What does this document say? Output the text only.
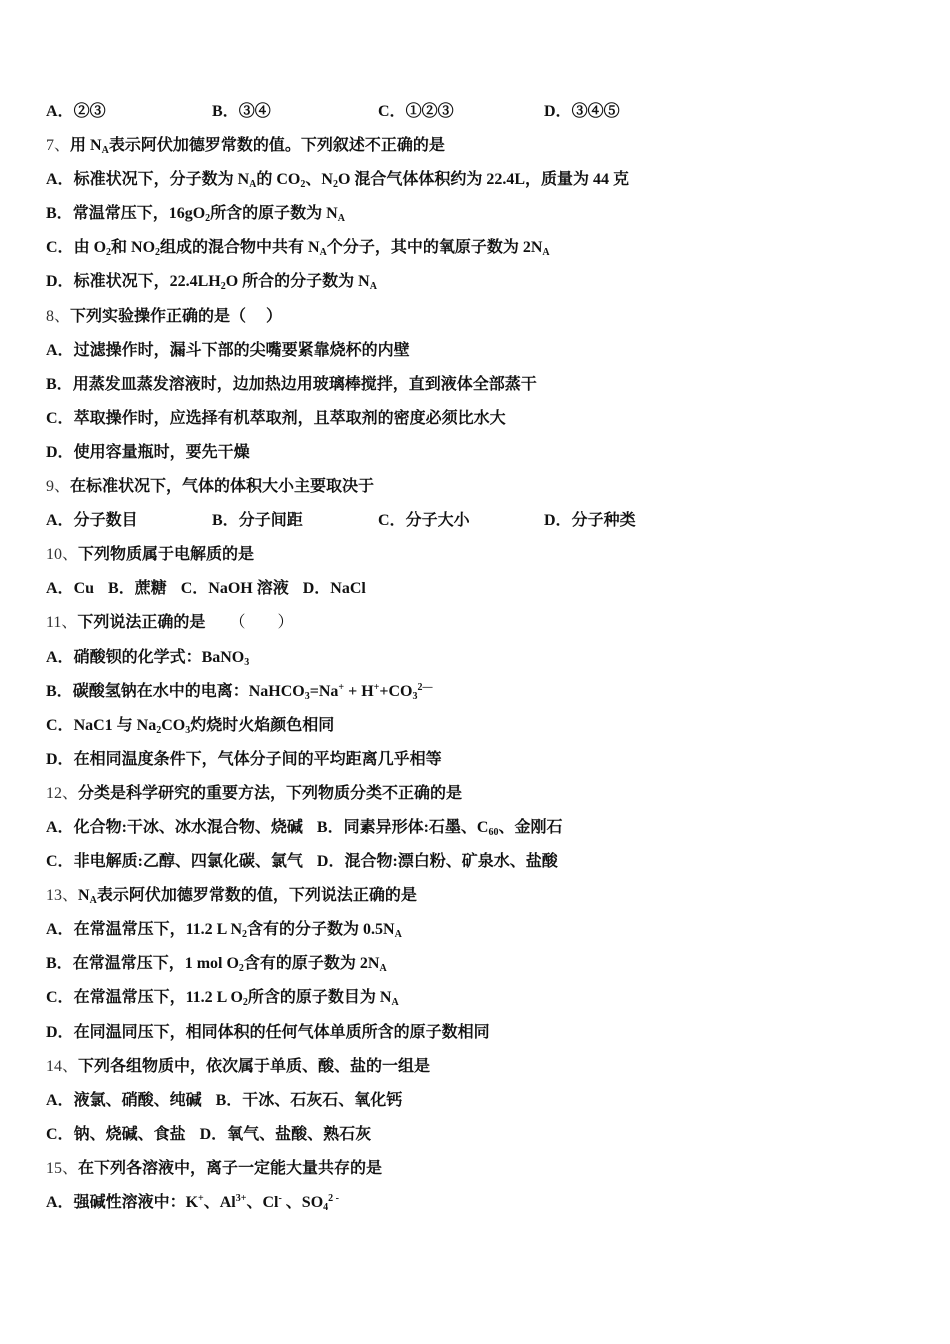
A．②③	B．③④	C．①②③	D．③④⑤
7、用 $N_A$表示阿伏加德罗常数的值。下列叙述不正确的是
A．标准状况下，分子数为 $N_A$的 $CO_2$、$N_2O$ 混合气体体积约为 22.4L，质量为 44 克
B．常温常压下，$16gO_2$所含的原子数为 $N_A$
C．由 $O_2$和 $NO_2$组成的混合物中共有 $N_A$个分子，其中的氧原子数为 $2N_A$
D．标准状况下，$22.4LH_2O$ 所合的分子数为 $N_A$
8、下列实验操作正确的是（　 ）
A．过滤操作时，漏斗下部的尖嘴要紧靠烧杯的内壁
B．用蒸发皿蒸发溶液时，边加热边用玻璃棒搅拌，直到液体全部蒸干
C．萃取操作时，应选择有机萃取剂，且萃取剂的密度必须比水大
D．使用容量瓶时，要先干燥
9、在标准状况下，气体的体积大小主要取决于
A．分子数目	B．分子间距	C．分子大小	D．分子种类
10、下列物质属于电解质的是
A．Cu B．蔗糖 C．NaOH 溶液 D．NaCl
11、下列说法正确的是　　（　　）
A．硝酸钡的化学式：BaNO$_3$
B．碳酸氢钠在水中的电离：NaHCO$_3$=Na+ + $H^++CO_3^{2—}$
C．NaC1 与 $Na_2CO_3$灼烧时火焰颜色相同
D．在相同温度条件下，气体分子间的平均距离几乎相等
12、分类是科学研究的重要方法，下列物质分类不正确的是
A．化合物:干冰、冰水混合物、烧碱 B．同素异形体:石墨、$C_{60}$、金刚石
C．非电解质:乙醇、四氯化碳、氯气 D．混合物:漂白粉、矿泉水、盐酸
13、$N_A$表示阿伏加德罗常数的值，下列说法正确的是
A．在常温常压下，11.2 L $N_2$含有的分子数为 $0.5N_A$
B．在常温常压下，1 mol $O_2$含有的原子数为 $2N_A$
C．在常温常压下，11.2 L $O_2$所含的原子数目为 $N_A$
D．在同温同压下，相同体积的任何气体单质所含的原子数相同
14、下列各组物质中，依次属于单质、酸、盐的一组是
A．液氯、硝酸、纯碱 B．干冰、石灰石、氧化钙
C．钠、烧碱、食盐 D．氧气、盐酸、熟石灰
15、在下列各溶液中，离子一定能大量共存的是
A．强碱性溶液中：K+、$Al^{3+}$、Cl- 、$SO_4^{2 -}$
